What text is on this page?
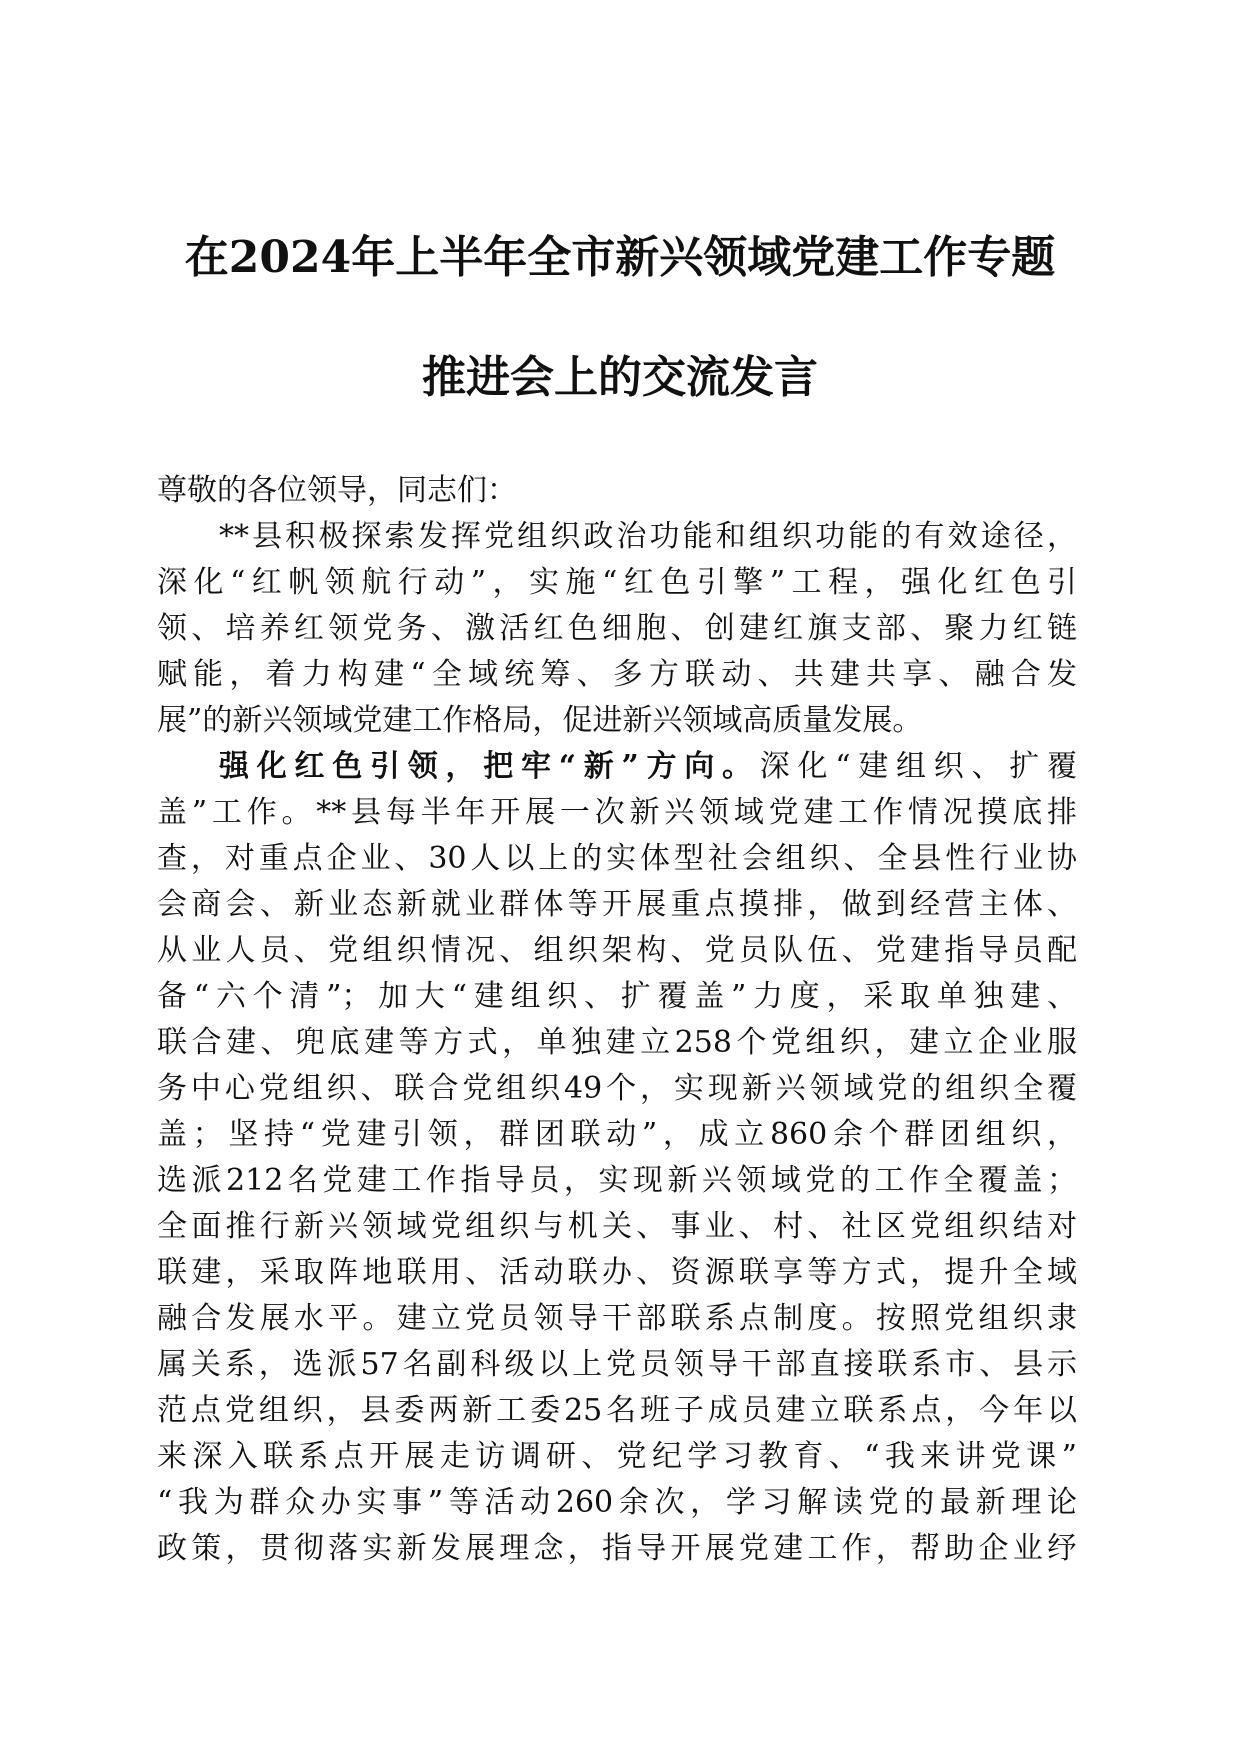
在2024年上半年全市新兴领域党建工作专题
推进会上的交流发言
尊敬的各位领导，同志们：
**县积极探索发挥党组织政治功能和组织功能的有效途径，
深化“红帆领航行动”，实施“红色引擎”工程，强化红色引
领、培养红领党务、激活红色细胞、创建红旗支部、聚力红链
赋能，着力构建“全域统筹、多方联动、共建共享、融合发
展”的新兴领域党建工作格局，促进新兴领域高质量发展。
强化红色引领，把牢“新”方向。深化“建组织、扩覆
盖”工作。**县每半年开展一次新兴领域党建工作情况摸底排
查，对重点企业、30人以上的实体型社会组织、全县性行业协
会商会、新业态新就业群体等开展重点摸排，做到经营主体、
从业人员、党组织情况、组织架构、党员队伍、党建指导员配
备“六个清”；加大“建组织、扩覆盖”力度，采取单独建、
联合建、兜底建等方式，单独建立258个党组织，建立企业服
务中心党组织、联合党组织49个，实现新兴领域党的组织全覆
盖；坚持“党建引领，群团联动”，成立860余个群团组织，
选派212名党建工作指导员，实现新兴领域党的工作全覆盖；
全面推行新兴领域党组织与机关、事业、村、社区党组织结对
联建，采取阵地联用、活动联办、资源联享等方式，提升全域
融合发展水平。建立党员领导干部联系点制度。按照党组织隶
属关系，选派57名副科级以上党员领导干部直接联系市、县示
范点党组织，县委两新工委25名班子成员建立联系点，今年以
来深入联系点开展走访调研、党纪学习教育、“我来讲党课”
“我为群众办实事”等活动260余次，学习解读党的最新理论
政策，贯彻落实新发展理念，指导开展党建工作，帮助企业纾
